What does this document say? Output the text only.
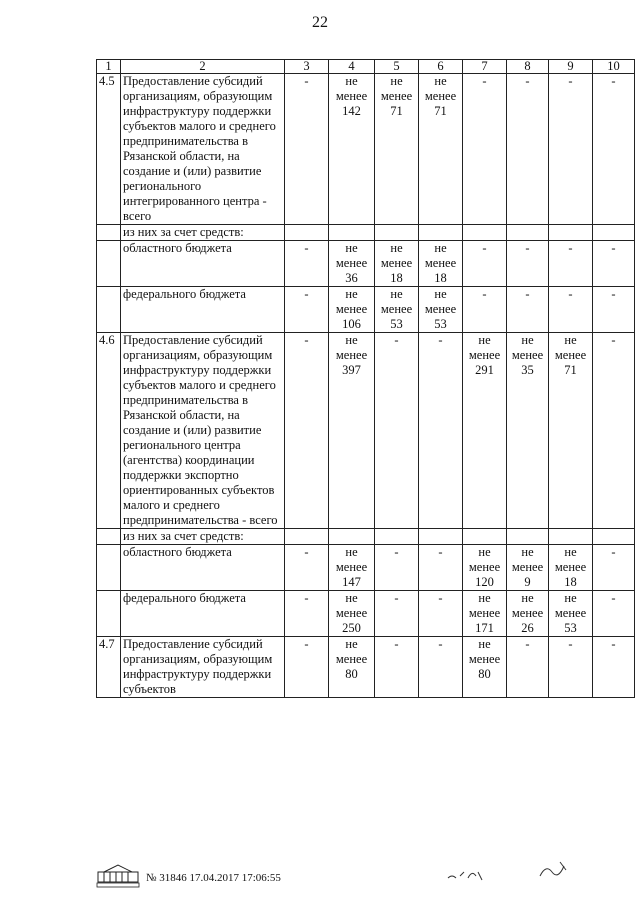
22
1	2	3	4	5	6	7	8	9	10
4.5	Предоставление субсидий организациям, образующим инфраструктуру поддержки субъектов малого и среднего предпринимательства в Рязанской области, на создание и (или) развитие регионального интегрированного центра - всего	-	не менее 142	не менее 71	не менее 71	-	-	-	-
	из них за счет средств:								
	областного бюджета	-	не менее 36	не менее 18	не менее 18	-	-	-	-
	федерального бюджета	-	не менее 106	не менее 53	не менее 53	-	-	-	-
4.6	Предоставление субсидий организациям, образующим инфраструктуру поддержки субъектов малого и среднего предпринимательства в Рязанской области, на создание и (или) развитие регионального центра (агентства) координации поддержки экспортно ориентированных субъектов малого и среднего предпринимательства - всего	-	не менее 397	-	-	не менее 291	не менее 35	не менее 71	-
	из них за счет средств:								
	областного бюджета	-	не менее 147	-	-	не менее 120	не менее 9	не менее 18	-
	федерального бюджета	-	не менее 250	-	-	не менее 171	не менее 26	не менее 53	-
4.7	Предоставление субсидий организациям, образующим инфраструктуру поддержки субъектов	-	не менее 80	-	-	не менее 80	-	-	-
№ 31846 17.04.2017 17:06:55
